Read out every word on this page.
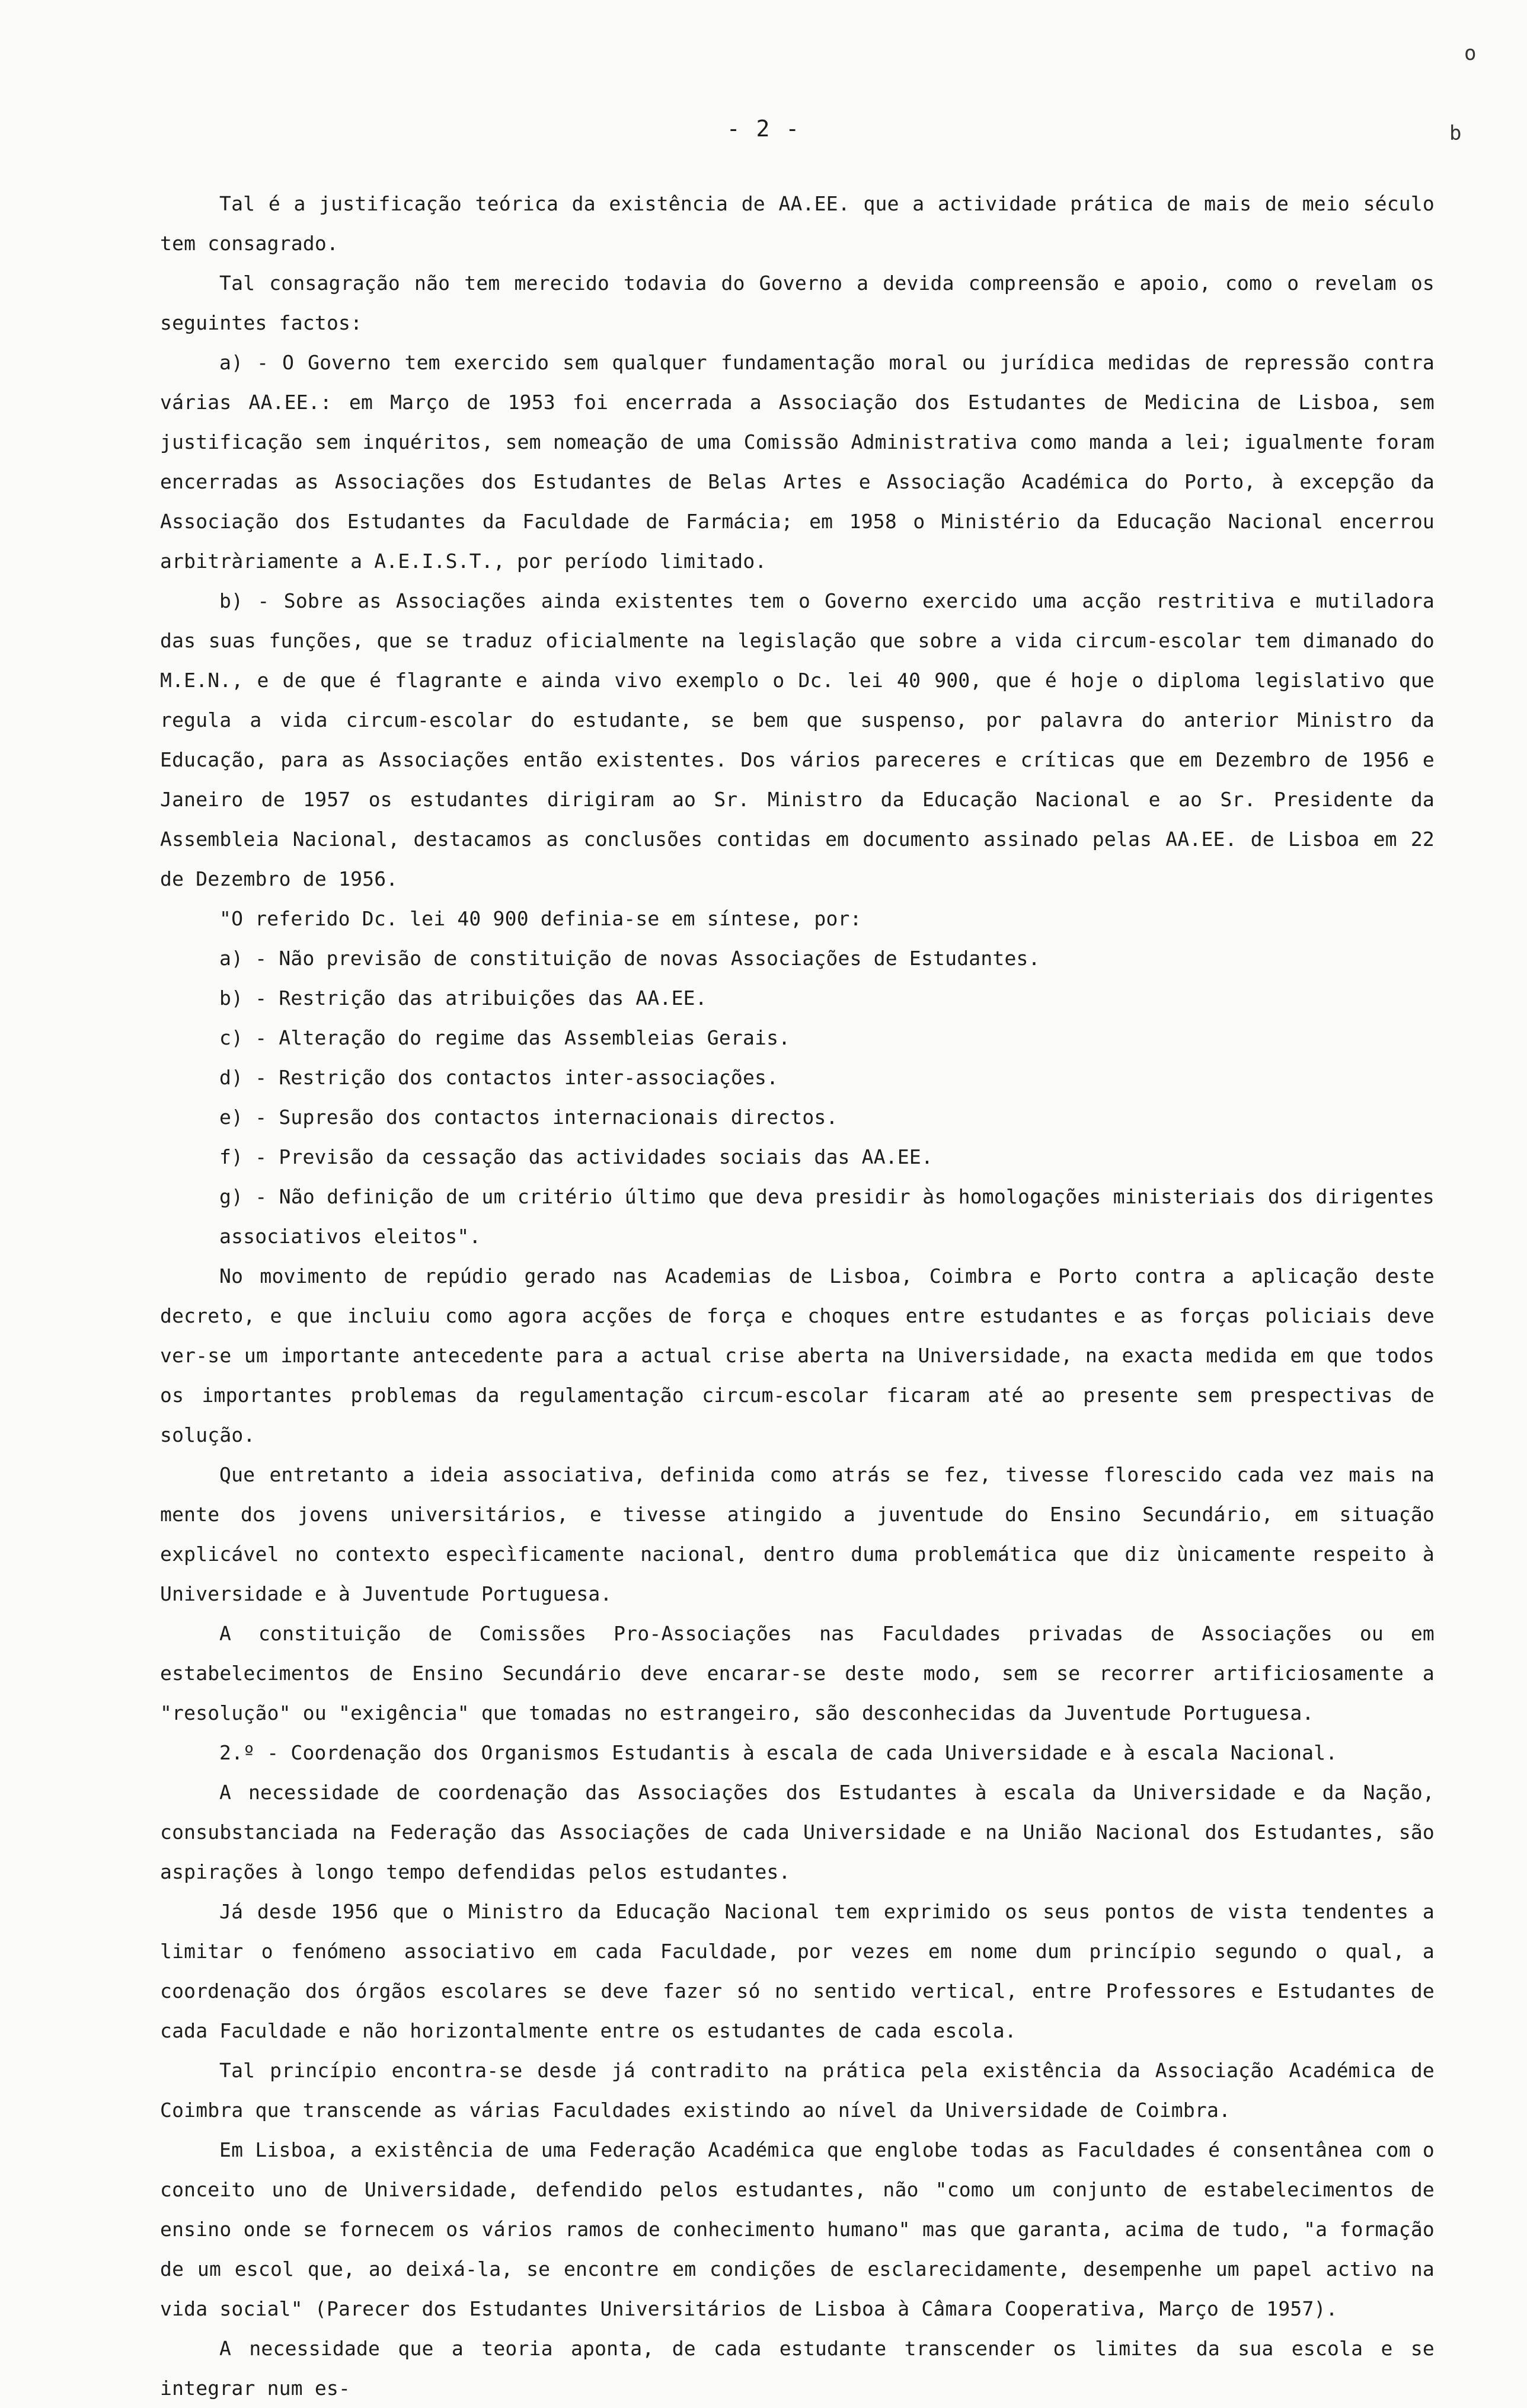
o
b
- 2 -

Tal é a justificação teórica da existência de AA.EE. que a actividade prática de mais de meio século tem consagrado.

Tal consagração não tem merecido todavia do Governo a devida compreensão e apoio, como o revelam os seguintes factos:

a) - O Governo tem exercido sem qualquer fundamentação moral ou jurídica medidas de repressão contra várias AA.EE.: em Março de 1953 foi encerrada a Associação dos Estudantes de Medicina de Lisboa, sem justificação sem inquéritos, sem nomeação de uma Comissão Administrativa como manda a lei; igualmente foram encerradas as Associações dos Estudantes de Belas Artes e Associação Académica do Porto, à excepção da Associação dos Estudantes da Faculdade de Farmácia; em 1958 o Ministério da Educação Nacional encerrou arbitràriamente a A.E.I.S.T., por período limitado.

b) - Sobre as Associações ainda existentes tem o Governo exercido uma acção restritiva e mutiladora das suas funções, que se traduz oficialmente na legislação que sobre a vida circum-escolar tem dimanado do M.E.N., e de que é flagrante e ainda vivo exemplo o Dc. lei 40 900, que é hoje o diploma legislativo que regula a vida circum-escolar do estudante, se bem que suspenso, por palavra do anterior Ministro da Educação, para as Associações então existentes. Dos vários pareceres e críticas que em Dezembro de 1956 e Janeiro de 1957 os estudantes dirigiram ao Sr. Ministro da Educação Nacional e ao Sr. Presidente da Assembleia Nacional, destacamos as conclusões contidas em documento assinado pelas AA.EE. de Lisboa em 22 de Dezembro de 1956.

"O referido Dc. lei 40 900 definia-se em síntese, por:

a) - Não previsão de constituição de novas Associações de Estudantes.

b) - Restrição das atribuições das AA.EE.

c) - Alteração do regime das Assembleias Gerais.

d) - Restrição dos contactos inter-associações.

e) - Supresão dos contactos internacionais directos.

f) - Previsão da cessação das actividades sociais das AA.EE.

g) - Não definição de um critério último que deva presidir às homologações ministeriais dos dirigentes associativos eleitos".

No movimento de repúdio gerado nas Academias de Lisboa, Coimbra e Porto contra a aplicação deste decreto, e que incluiu como agora acções de força e choques entre estudantes e as forças policiais deve ver-se um importante antecedente para a actual crise aberta na Universidade, na exacta medida em que todos os importantes problemas da regulamentação circum-escolar ficaram até ao presente sem prespectivas de solução.

Que entretanto a ideia associativa, definida como atrás se fez, tivesse florescido cada vez mais na mente dos jovens universitários, e tivesse atingido a juventude do Ensino Secundário, em situação explicável no contexto especìficamente nacional, dentro duma problemática que diz ùnicamente respeito à Universidade e à Juventude Portuguesa.

A constituição de Comissões Pro-Associações nas Faculdades privadas de Associações ou em estabelecimentos de Ensino Secundário deve encarar-se deste modo, sem se recorrer artificiosamente a "resolução" ou "exigência" que tomadas no estrangeiro, são desconhecidas da Juventude Portuguesa.

2.º - Coordenação dos Organismos Estudantis à escala de cada Universidade e à escala Nacional.

A necessidade de coordenação das Associações dos Estudantes à escala da Universidade e da Nação, consubstanciada na Federação das Associações de cada Universidade e na União Nacional dos Estudantes, são aspirações à longo tempo defendidas pelos estudantes.

Já desde 1956 que o Ministro da Educação Nacional tem exprimido os seus pontos de vista tendentes a limitar o fenómeno associativo em cada Faculdade, por vezes em nome dum princípio segundo o qual, a coordenação dos órgãos escolares se deve fazer só no sentido vertical, entre Professores e Estudantes de cada Faculdade e não horizontalmente entre os estudantes de cada escola.

Tal princípio encontra-se desde já contradito na prática pela existência da Associação Académica de Coimbra que transcende as várias Faculdades existindo ao nível da Universidade de Coimbra.

Em Lisboa, a existência de uma Federação Académica que englobe todas as Faculdades é consentânea com o conceito uno de Universidade, defendido pelos estudantes, não "como um conjunto de estabelecimentos de ensino onde se fornecem os vários ramos de conhecimento humano" mas que garanta, acima de tudo, "a formação de um escol que, ao deixá-la, se encontre em condições de esclarecidamente, desempenhe um papel activo na vida social" (Parecer dos Estudantes Universitários de Lisboa à Câmara Cooperativa, Março de 1957).

A necessidade que a teoria aponta, de cada estudante transcender os limites da sua escola e se integrar num es-
